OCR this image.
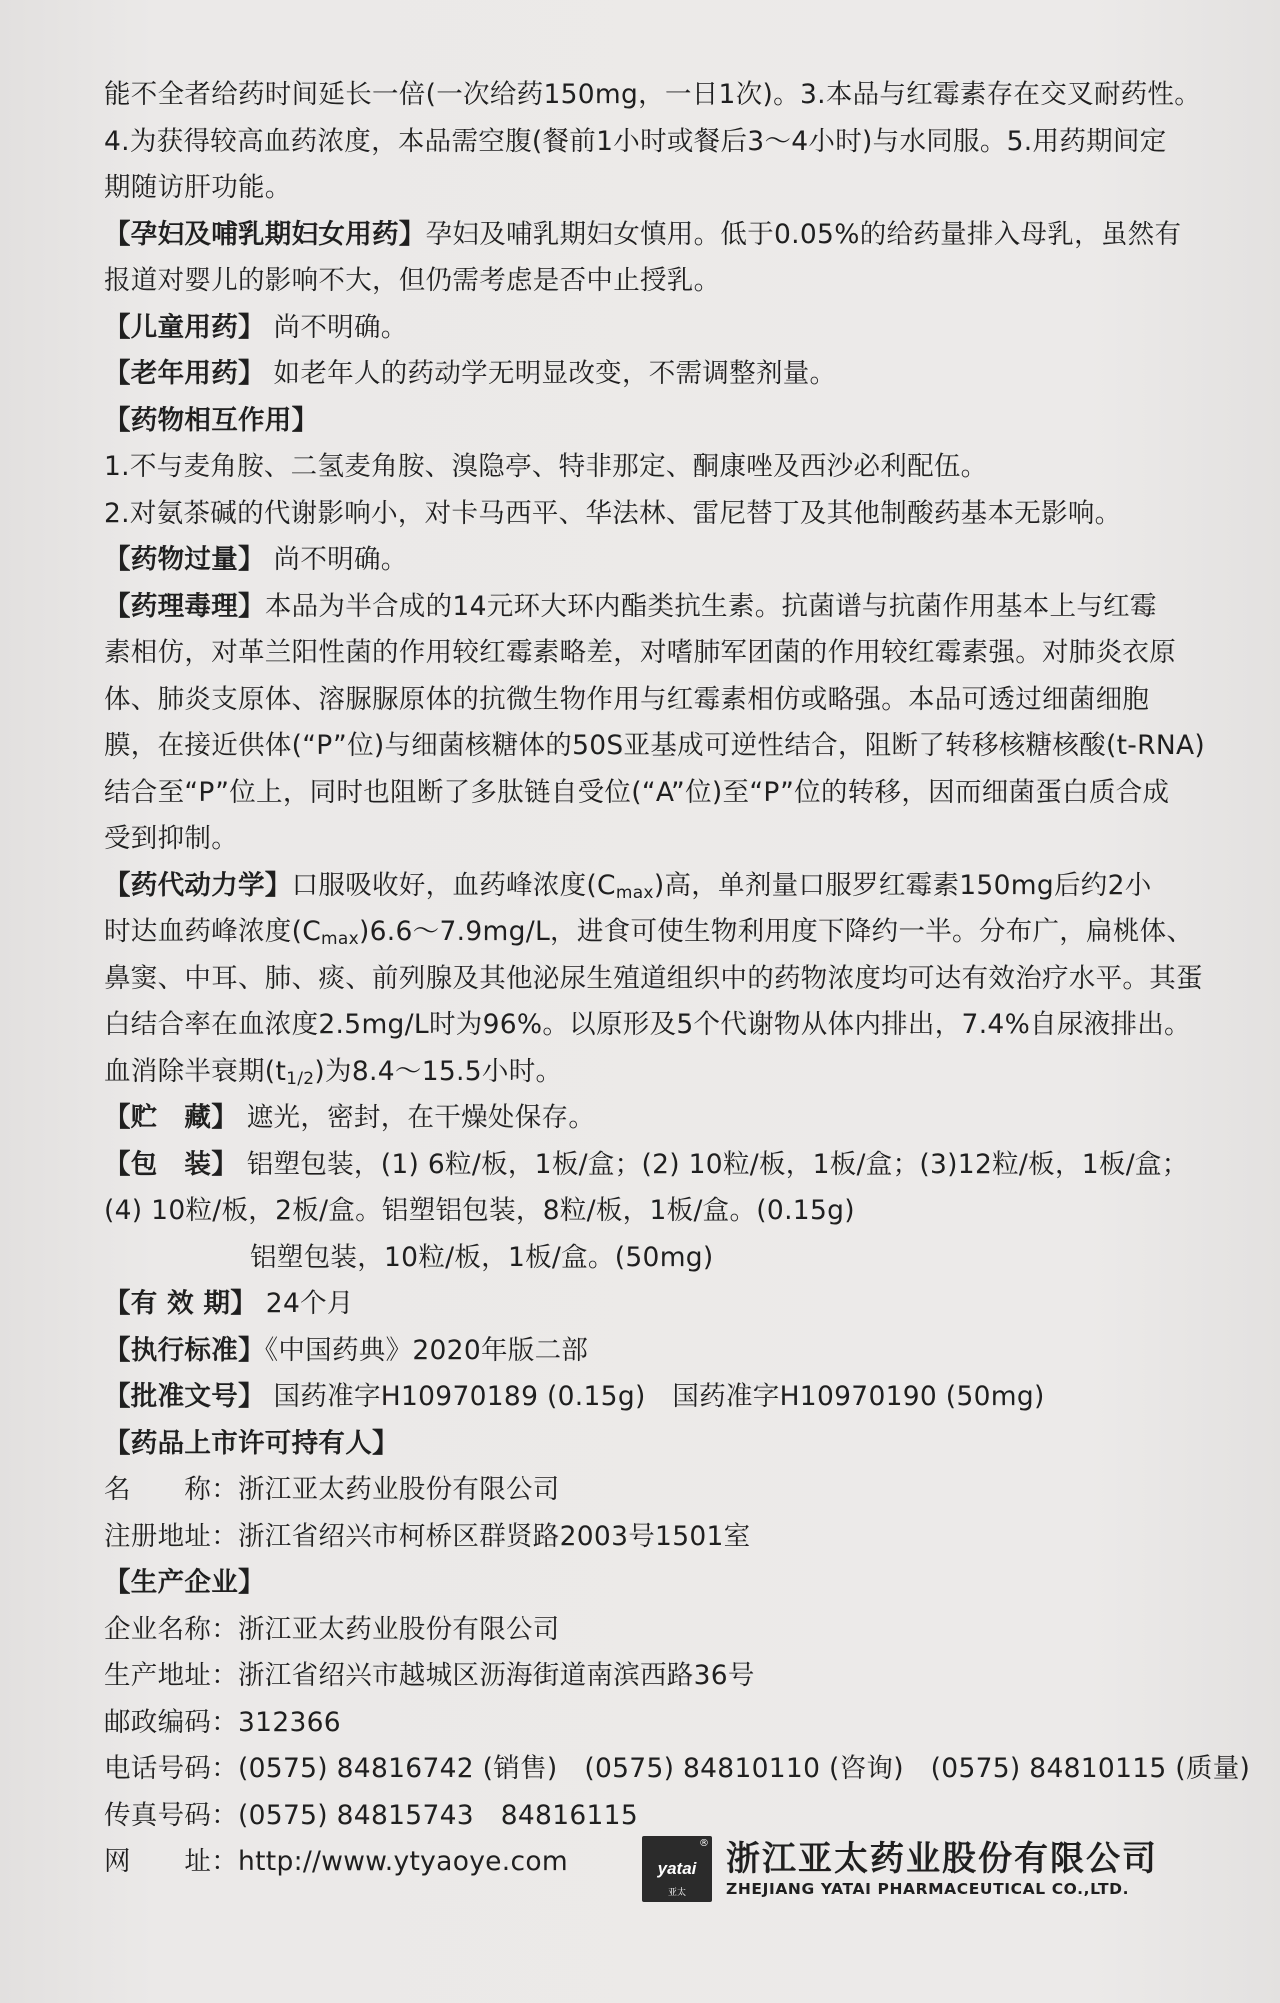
能不全者给药时间延长一倍(一次给药150mg，一日1次)。3.本品与红霉素存在交叉耐药性。
4.为获得较高血药浓度，本品需空腹(餐前1小时或餐后3～4小时)与水同服。5.用药期间定
期随访肝功能。
【孕妇及哺乳期妇女用药】孕妇及哺乳期妇女慎用。低于0.05%的给药量排入母乳，虽然有
报道对婴儿的影响不大，但仍需考虑是否中止授乳。
【儿童用药】 尚不明确。
【老年用药】 如老年人的药动学无明显改变，不需调整剂量。
【药物相互作用】
1.不与麦角胺、二氢麦角胺、溴隐亭、特非那定、酮康唑及西沙必利配伍。
2.对氨茶碱的代谢影响小，对卡马西平、华法林、雷尼替丁及其他制酸药基本无影响。
【药物过量】 尚不明确。
【药理毒理】本品为半合成的14元环大环内酯类抗生素。抗菌谱与抗菌作用基本上与红霉
素相仿，对革兰阳性菌的作用较红霉素略差，对嗜肺军团菌的作用较红霉素强。对肺炎衣原
体、肺炎支原体、溶脲脲原体的抗微生物作用与红霉素相仿或略强。本品可透过细菌细胞
膜，在接近供体(“P”位)与细菌核糖体的50S亚基成可逆性结合，阻断了转移核糖核酸(t-RNA)
结合至“P”位上，同时也阻断了多肽链自受位(“A”位)至“P”位的转移，因而细菌蛋白质合成
受到抑制。
【药代动力学】口服吸收好，血药峰浓度$(C_{max})$高，单剂量口服罗红霉素150mg后约2小
时达血药峰浓度$(C_{max})6.6\sim 7.9mg/L$，进食可使生物利用度下降约一半。分布广，扁桃体、
鼻窦、中耳、肺、痰、前列腺及其他泌尿生殖道组织中的药物浓度均可达有效治疗水平。其蛋
白结合率在血浓度2.5mg/L时为96%。以原形及5个代谢物从体内排出，7.4%自尿液排出。
血消除半衰期$(t_{1/2})$为8.4～15.5小时。
【贮　藏】 遮光，密封，在干燥处保存。
【包　装】 铝塑包装，(1) 6粒/板，1板/盒；(2) 10粒/板，1板/盒；(3)12粒/板，1板/盒；
(4) 10粒/板，2板/盒。铝塑铝包装，8粒/板，1板/盒。(0.15g)
铝塑包装，10粒/板，1板/盒。(50mg)
【有 效 期】 24个月
【执行标准】《中国药典》2020年版二部
【批准文号】 国药准字H10970189 (0.15g)　国药准字H10970190 (50mg)
【药品上市许可持有人】
名　　称： 浙江亚太药业股份有限公司
注册地址： 浙江省绍兴市柯桥区群贤路2003号1501室
【生产企业】
企业名称： 浙江亚太药业股份有限公司
生产地址： 浙江省绍兴市越城区沥海街道南滨西路36号
邮政编码： 312366
电话号码： (0575) 84816742 (销售)　(0575) 84810110 (咨询)　(0575) 84810115 (质量)
传真号码： (0575) 84815743　84816115
网　　址： http://www.ytyaoye.com	yatai
亚太
® 浙江亚太药业股份有限公司
ZHEJIANG YATAI PHARMACEUTICAL CO.,LTD.
